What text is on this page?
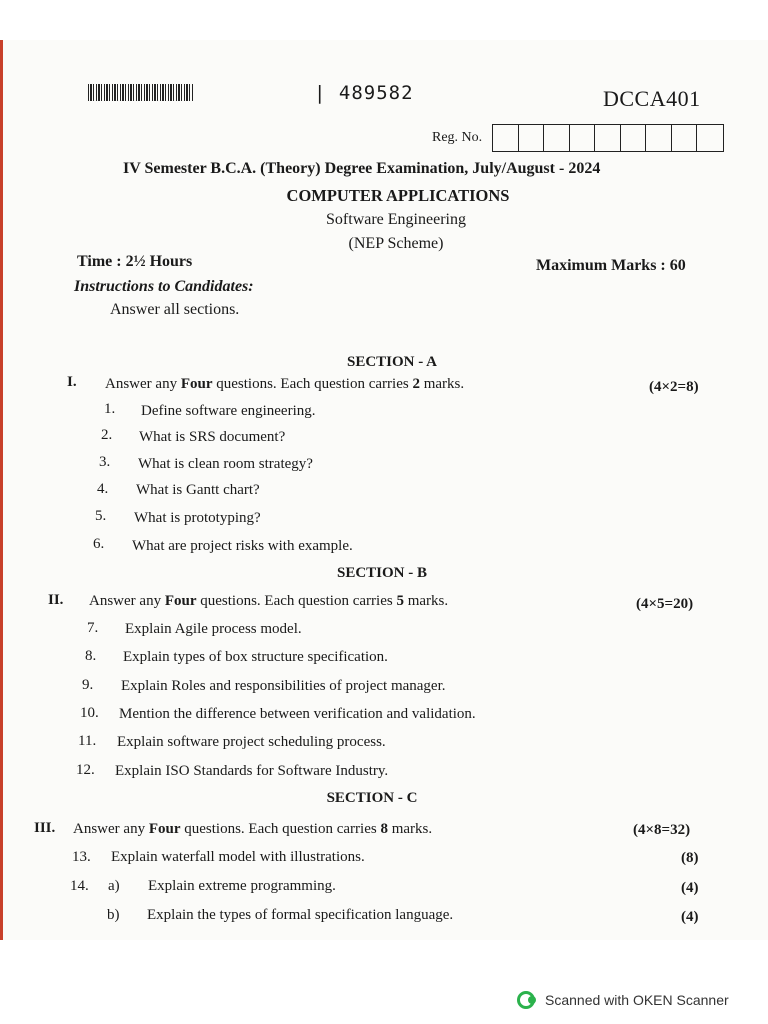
| 489582	DCCA401
Reg. No.
IV Semester B.C.A. (Theory) Degree Examination, July/August - 2024
COMPUTER APPLICATIONS
Software Engineering
(NEP Scheme)
Time : 2½ Hours	Maximum Marks : 60
Instructions to Candidates:
Answer all sections.
SECTION - A
I. Answer any Four questions. Each question carries 2 marks.	(4×2=8)
1. Define software engineering.
2. What is SRS document?
3. What is clean room strategy?
4. What is Gantt chart?
5. What is prototyping?
6. What are project risks with example.
SECTION - B
II. Answer any Four questions. Each question carries 5 marks.	(4×5=20)
7. Explain Agile process model.
8. Explain types of box structure specification.
9. Explain Roles and responsibilities of project manager.
10. Mention the difference between verification and validation.
11. Explain software project scheduling process.
12. Explain ISO Standards for Software Industry.
SECTION - C
III. Answer any Four questions. Each question carries 8 marks.	(4×8=32)
13. Explain waterfall model with illustrations.	(8)
14. a) Explain extreme programming.	(4)
b) Explain the types of formal specification language.	(4)
Scanned with OKEN Scanner
